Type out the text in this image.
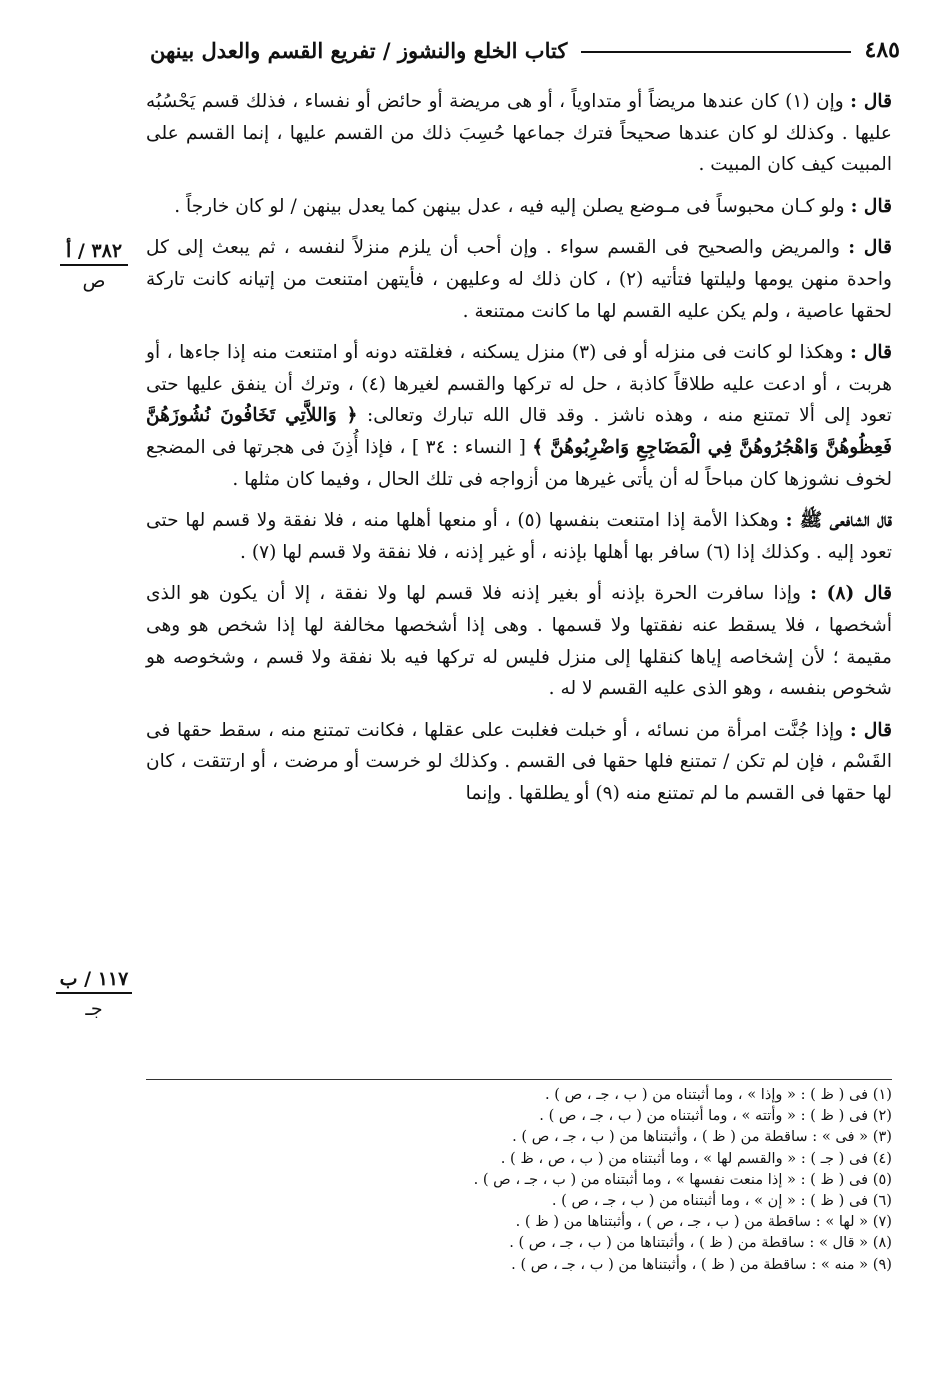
كتاب الخلع والنشوز / تفريع القسم والعدل بينهن	٤٨٥
٣٨٢ / أ
ص
١١٧ / ب
جـ

قال : وإن (١) كان عندها مريضاً أو متداوياً ، أو هى مريضة أو حائض أو نفساء ، فذلك قسم يَحْسُبُه عليها . وكذلك لو كان عندها صحيحاً فترك جماعها حُسِبَ ذلك من القسم عليها ، إنما القسم على المبيت كيف كان المبيت .

قال : ولو كـان محبوساً فى مـوضع يصلن إليه فيه ، عدل بينهن كما يعدل بينهن / لو كان خارجاً .

قال : والمريض والصحيح فى القسم سواء . وإن أحب أن يلزم منزلاً لنفسه ، ثم يبعث إلى كل واحدة منهن يومها وليلتها فتأتيه (٢) ، كان ذلك له وعليهن ، فأيتهن امتنعت من إتيانه كانت تاركة لحقها عاصية ، ولم يكن عليه القسم لها ما كانت ممتنعة .

قال : وهكذا لو كانت فى منزله أو فى (٣) منزل يسكنه ، فغلقته دونه أو امتنعت منه إذا جاءها ، أو هربت ، أو ادعت عليه طلاقاً كاذبة ، حل له تركها والقسم لغيرها (٤) ، وترك أن ينفق عليها حتى تعود إلى ألا تمتنع منه ، وهذه ناشز . وقد قال الله تبارك وتعالى: ﴿ وَاللاَّتِي تَخَافُونَ نُشُوزَهُنَّ فَعِظُوهُنَّ وَاهْجُرُوهُنَّ فِي الْمَضَاجِعِ وَاضْرِبُوهُنَّ ﴾ [ النساء : ٣٤ ] ، فإذا أُذِنَ فى هجرتها فى المضجع لخوف نشوزها كان مباحاً له أن يأتى غيرها من أزواجه فى تلك الحال ، وفيما كان مثلها .

قال الشافعى ﷺ : وهكذا الأمة إذا امتنعت بنفسها (٥) ، أو منعها أهلها منه ، فلا نفقة ولا قسم لها حتى تعود إليه . وكذلك إذا (٦) سافر بها أهلها بإذنه ، أو غير إذنه ، فلا نفقة ولا قسم لها (٧) .

قال (٨) : وإذا سافرت الحرة بإذنه أو بغير إذنه فلا قسم لها ولا نفقة ، إلا أن يكون هو الذى أشخصها ، فلا يسقط عنه نفقتها ولا قسمها . وهى إذا أشخصها مخالفة لها إذا شخص هو وهى مقيمة ؛ لأن إشخاصه إياها كنقلها إلى منزل فليس له تركها فيه بلا نفقة ولا قسم ، وشخوصه هو شخوص بنفسه ، وهو الذى عليه القسم لا له .

قال : وإذا جُنَّت امرأة من نسائه ، أو خبلت فغلبت على عقلها ، فكانت تمتنع منه ، سقط حقها فى القَسْم ، فإن لم تكن / تمتنع فلها حقها فى القسم . وكذلك لو خرست أو مرضت ، أو ارتتقت ، كان لها حقها فى القسم ما لم تمتنع منه (٩) أو يطلقها . وإنما

(١) فى ( ظ ) : « وإذا » ، وما أثبتناه من ( ب ، جـ ، ص ) .
(٢) فى ( ظ ) : « وأتته » ، وما أثبتناه من ( ب ، جـ ، ص ) .
(٣) « فى » : ساقطة من ( ظ ) ، وأثبتناها من ( ب ، جـ ، ص ) .
(٤) فى ( جـ ) : « والقسم لها » ، وما أثبتناه من ( ب ، ص ، ظ ) .
(٥) فى ( ظ ) : « إذا منعت نفسها » ، وما أثبتناه من ( ب ، جـ ، ص ) .
(٦) فى ( ظ ) : « إن » ، وما أثبتناه من ( ب ، جـ ، ص ) .
(٧) « لها » : ساقطة من ( ب ، جـ ، ص ) ، وأثبتناها من ( ظ ) .
(٨) « قال » : ساقطة من ( ظ ) ، وأثبتناها من ( ب ، جـ ، ص ) .
(٩) « منه » : ساقطة من ( ظ ) ، وأثبتناها من ( ب ، جـ ، ص ) .
